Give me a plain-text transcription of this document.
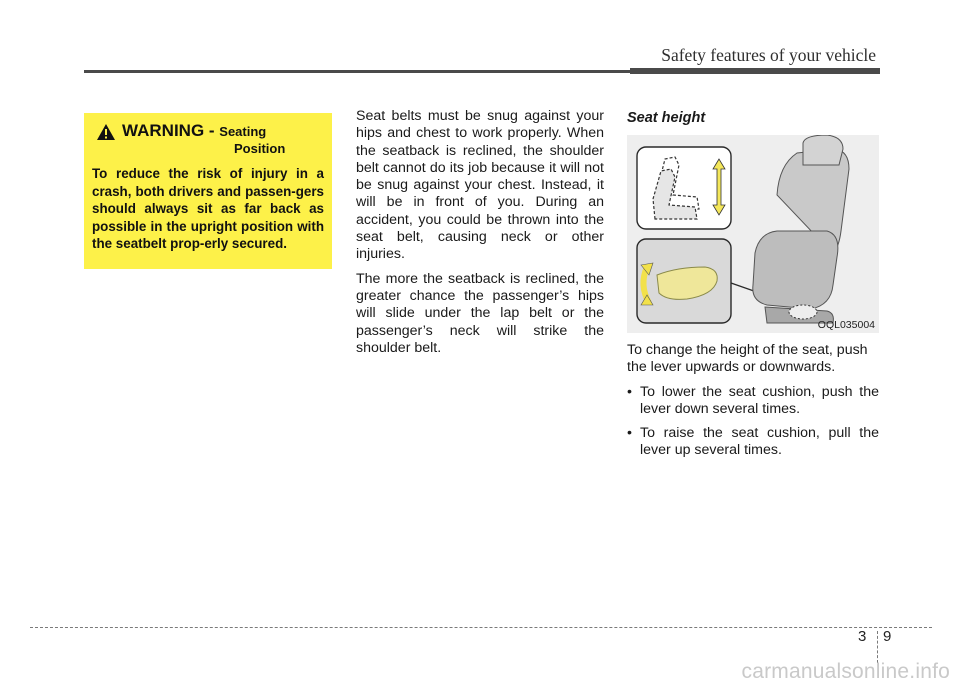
Safety features of your vehicle
WARNING - Seating
Position
To reduce the risk of injury in a crash, both drivers and passen-gers should always sit as far back as possible in the upright position with the seatbelt prop-erly secured.

Seat belts must be snug against your hips and chest to work properly. When the seatback is reclined, the shoulder belt cannot do its job because it will not be snug against your chest. Instead, it will be in front of you. During an accident, you could be thrown into the seat belt, causing neck or other injuries.

The more the seatback is reclined, the greater chance the passenger’s hips will slide under the lap belt or the passenger’s neck will strike the shoulder belt.

Seat height
OQL035004

To change the height of the seat, push the lever upwards or downwards.

• To lower the seat cushion, push the lever down several times.
• To raise the seat cushion, pull the lever up several times.
3 9
carmanualsonline.info
